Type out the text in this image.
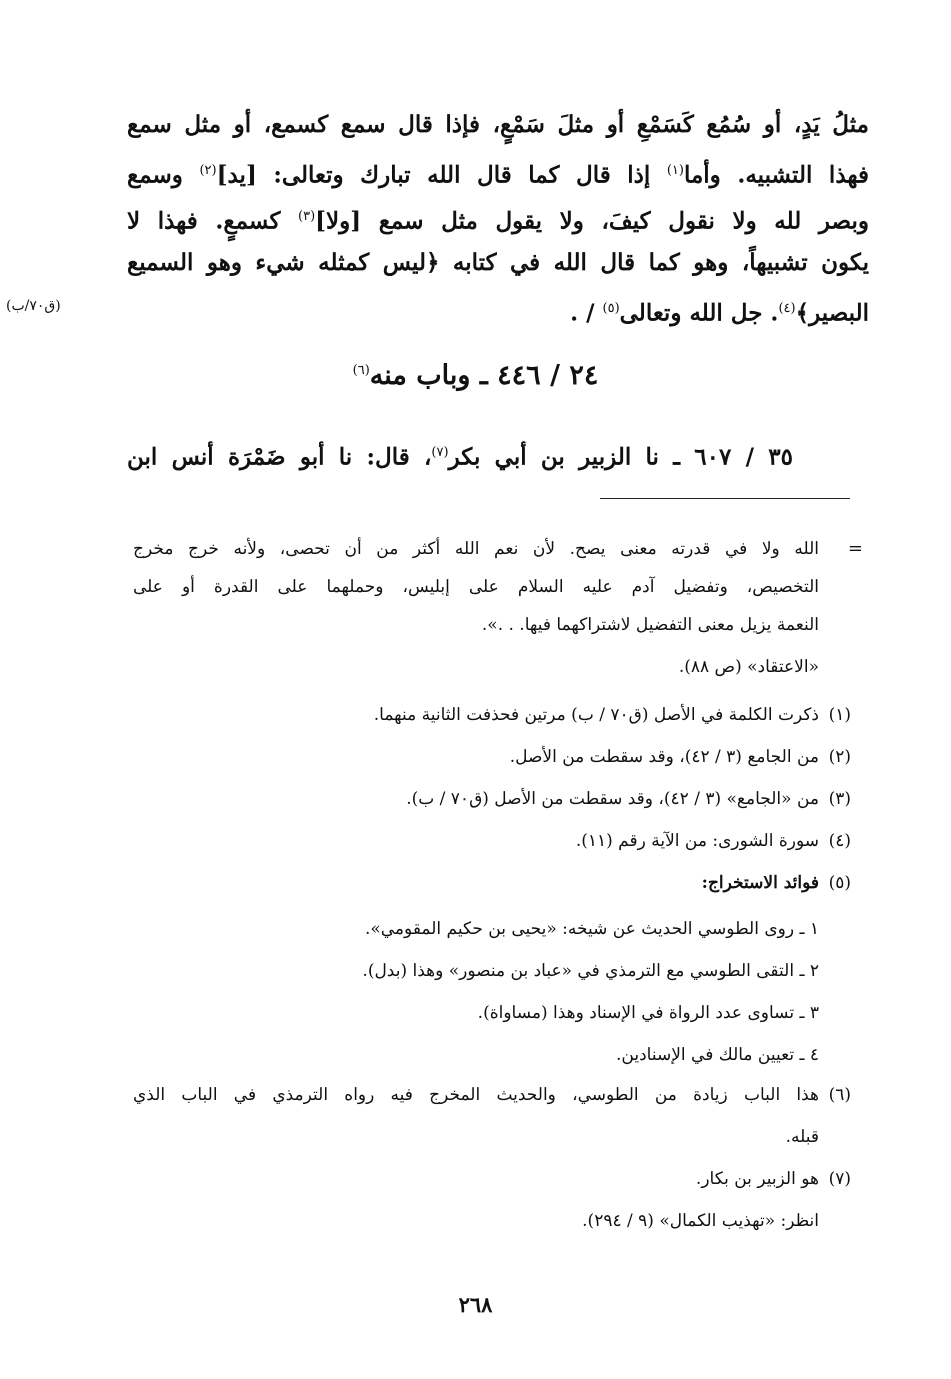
مثلُ يَدٍ، أو سُمُع كَسَمْعِ أو مثلَ سَمْعٍ، فإذا قال سمع كسمع، أو مثل سمع
فهذا التشبيه. وأما$^{(١)}$ إذا قال كما قال الله تبارك وتعالى: [يد]$^{(٢)}$ وسمع
وبصر لله ولا نقول كيفَ، ولا يقول مثل سمع [ولا]$^{(٣)}$ كسمعٍ. فهذا لا
يكون تشبيهاً، وهو كما قال الله في كتابه ﴿ليس كمثله شيء وهو السميع
البصير﴾$^{(٤)}$. جل الله وتعالى$^{(٥)}$ / .
(ق٧٠/ب)
٢٤ / ٤٤٦ ـ وباب منه$^{(٦)}$
٣٥ / ٦٠٧ ـ نا الزبير بن أبي بكر$^{(٧)}$، قال: نا أبو ضَمْرَة أنس ابن
=
الله ولا في قدرته معنى يصح. لأن نعم الله أكثر من أن تحصى، ولأنه خرج مخرج
التخصيص، وتفضيل آدم عليه السلام على إبليس، وحملهما على القدرة أو على
النعمة يزيل معنى التفضيل لاشتراكهما فيها. . .».
«الاعتقاد» (ص ٨٨).
(١)
ذكرت الكلمة في الأصل (ق٧٠ / ب) مرتين فحذفت الثانية منهما.
(٢)
من الجامع (٣ / ٤٢)، وقد سقطت من الأصل.
(٣)
من «الجامع» (٣ / ٤٢)، وقد سقطت من الأصل (ق٧٠ / ب).
(٤)
سورة الشورى: من الآية رقم (١١).
(٥)
فوائد الاستخراج:
١ ـ روى الطوسي الحديث عن شيخه: «يحيى بن حكيم المقومي».
٢ ـ التقى الطوسي مع الترمذي في «عباد بن منصور» وهذا (بدل).
٣ ـ تساوى عدد الرواة في الإسناد وهذا (مساواة).
٤ ـ تعيين مالك في الإسنادين.
(٦)
هذا الباب زيادة من الطوسي، والحديث المخرج فيه رواه الترمذي في الباب الذي
قبله.
(٧)
هو الزبير بن بكار.
انظر: «تهذيب الكمال» (٩ / ٢٩٤).
٢٦٨
